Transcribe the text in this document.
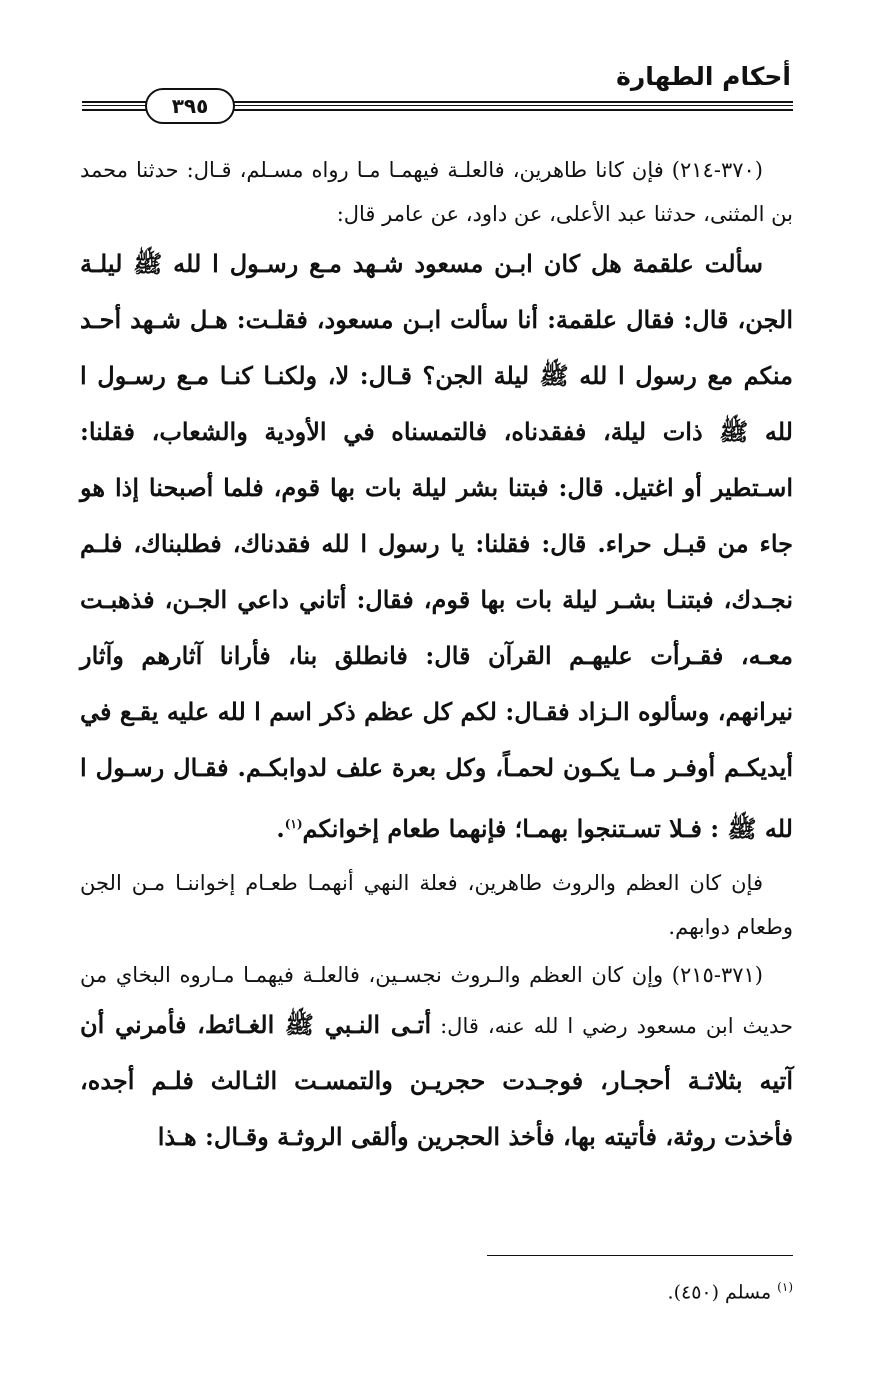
أحكام الطهارة
٣٩٥

(٣٧٠-٢١٤) فإن كانا طاهرين، فالعلـة فيهمـا مـا رواه مسـلم، قـال: حدثنا محمد بن المثنى، حدثنا عبد الأعلى، عن داود، عن عامر قال:

سألت علقمة هل كان ابـن مسعود شـهد مـع رسـول ا لله ﷺ ليلـة الجن، قال: فقال علقمة: أنا سألت ابـن مسعود، فقلـت: هـل شـهد أحـد منكم مع رسول ا لله ﷺ ليلة الجن؟ قـال: لا، ولكنـا كنـا مـع رسـول ا لله ﷺ ذات ليلة، ففقدناه، فالتمسناه في الأودية والشعاب، فقلنا: اسـتطير أو اغتيل. قال: فبتنا بشر ليلة بات بها قوم، فلما أصبحنا إذا هو جاء من قبـل حراء. قال: فقلنا: يا رسول ا لله فقدناك، فطلبناك، فلـم نجـدك، فبتنـا بشـر ليلة بات بها قوم، فقال: أتاني داعي الجـن، فذهبـت معـه، فقـرأت عليهـم القرآن قال: فانطلق بنا، فأرانا آثارهم وآثار نيرانهم، وسألوه الـزاد فقـال: لكم كل عظم ذكر اسم ا لله عليه يقـع في أيديكـم أوفـر مـا يكـون لحمـاً، وكل بعرة علف لدوابكـم. فقـال رسـول ا لله ﷺ : فـلا تسـتنجوا بهمـا؛ فإنهما طعام إخوانكم$^{(١)}$.

فإن كان العظم والروث طاهرين، فعلة النهي أنهمـا طعـام إخواننـا مـن الجن وطعام دوابهم.

(٣٧١-٢١٥) وإن كان العظم والـروث نجسـين، فالعلـة فيهمـا مـاروه البخاي من حديث ابن مسعود رضي ا لله عنه، قال: أتـى النـبي ﷺ الغـائط، فأمرني أن آتيه بثلاثـة أحجـار، فوجـدت حجريـن والتمسـت الثـالث فلـم أجده، فأخذت روثة، فأتيته بها، فأخذ الحجرين وألقى الروثـة وقـال: هـذا

$^{(١)}$ مسلم (٤٥٠).
